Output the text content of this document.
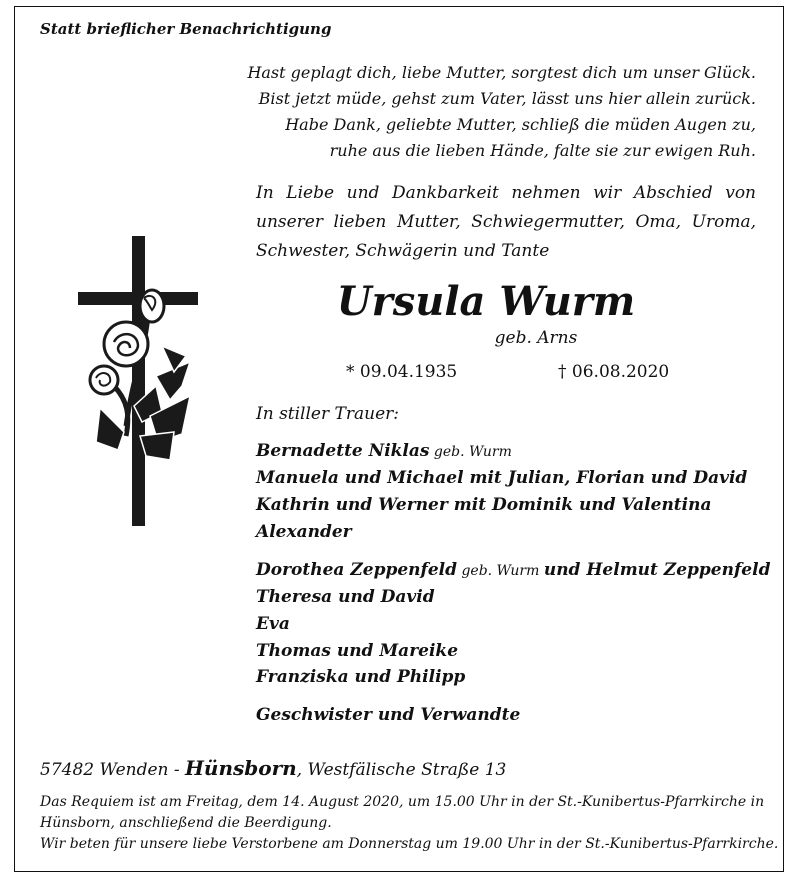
Statt brieflicher Benachrichtigung
Hast geplagt dich, liebe Mutter, sorgtest dich um unser Glück.
Bist jetzt müde, gehst zum Vater, lässt uns hier allein zurück.
Habe Dank, geliebte Mutter, schließ die müden Augen zu,
ruhe aus die lieben Hände, falte sie zur ewigen Ruh.
In Liebe und Dankbarkeit nehmen wir Abschied von unserer lieben Mutter, Schwiegermutter, Oma, Uroma, Schwester, Schwägerin und Tante
Ursula Wurm
geb. Arns
* 09.04.1935	† 06.08.2020
In stiller Trauer:
Bernadette Niklas geb. Wurm
Manuela und Michael mit Julian, Florian und David
Kathrin und Werner mit Dominik und Valentina
Alexander
Dorothea Zeppenfeld geb. Wurm und Helmut Zeppenfeld
Theresa und David
Eva
Thomas und Mareike
Franziska und Philipp
Geschwister und Verwandte
57482 Wenden - Hünsborn, Westfälische Straße 13
Das Requiem ist am Freitag, dem 14. August 2020, um 15.00 Uhr in der St.-Kunibertus-Pfarrkirche in
Hünsborn, anschließend die Beerdigung.
Wir beten für unsere liebe Verstorbene am Donnerstag um 19.00 Uhr in der St.-Kunibertus-Pfarrkirche.
